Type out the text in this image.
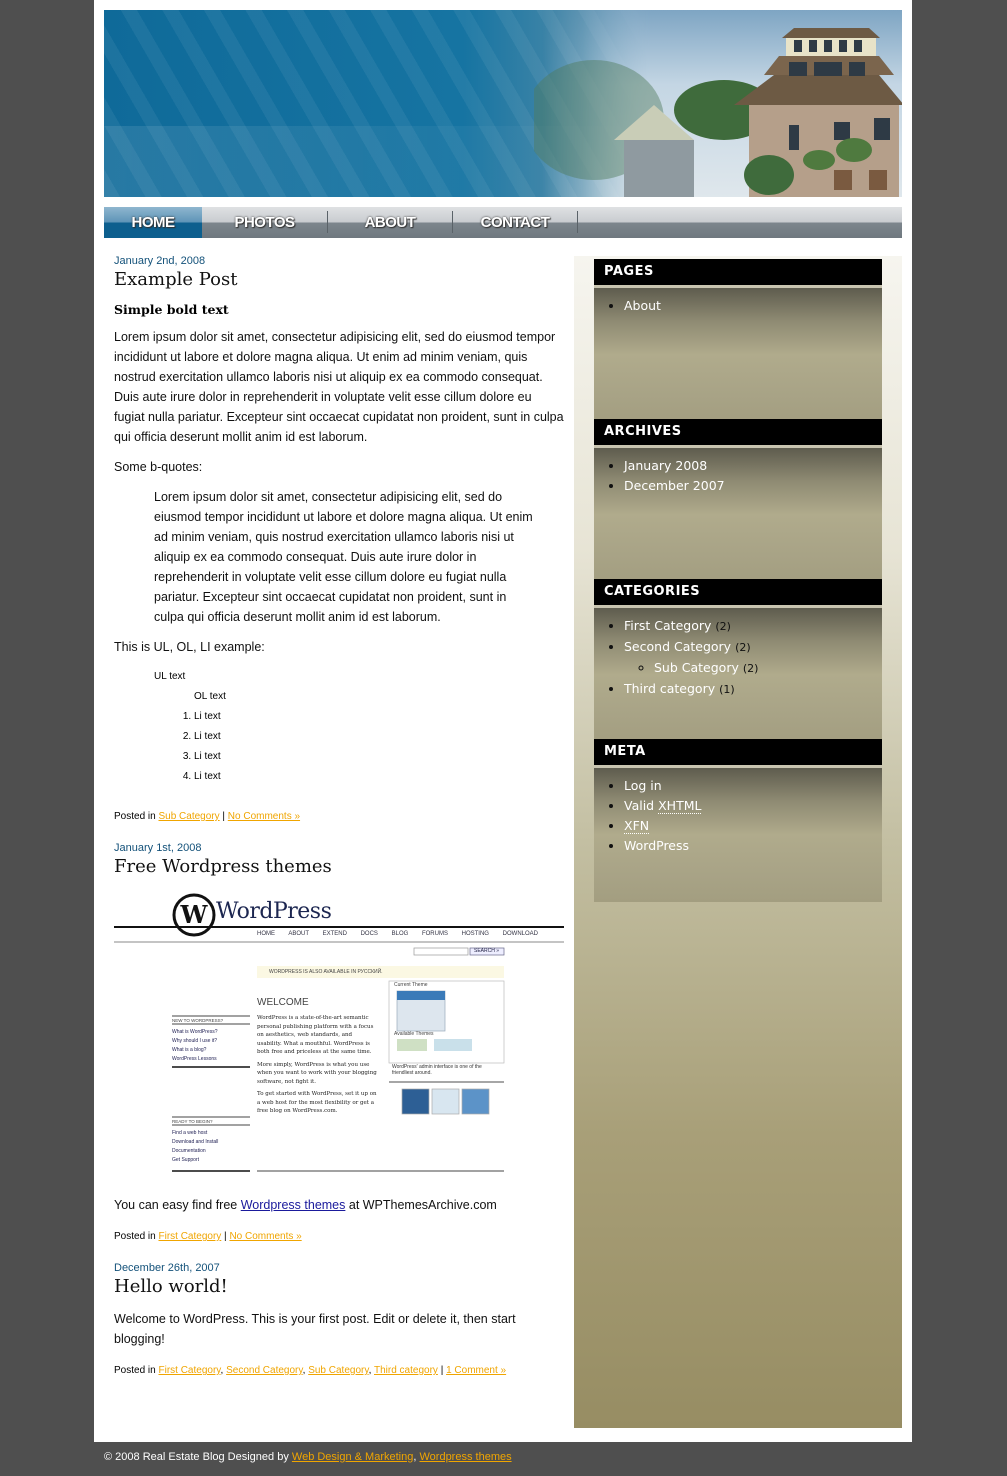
HOME	PHOTOS	ABOUT	CONTACT
January 2nd, 2008
Example Post
Simple bold text
Lorem ipsum dolor sit amet, consectetur adipisicing elit, sed do eiusmod tempor incididunt ut labore et dolore magna aliqua. Ut enim ad minim veniam, quis nostrud exercitation ullamco laboris nisi ut aliquip ex ea commodo consequat. Duis aute irure dolor in reprehenderit in voluptate velit esse cillum dolore eu fugiat nulla pariatur. Excepteur sint occaecat cupidatat non proident, sunt in culpa qui officia deserunt mollit anim id est laborum.
Some b-quotes:
Lorem ipsum dolor sit amet, consectetur adipisicing elit, sed do eiusmod tempor incididunt ut labore et dolore magna aliqua. Ut enim ad minim veniam, quis nostrud exercitation ullamco laboris nisi ut aliquip ex ea commodo consequat. Duis aute irure dolor in reprehenderit in voluptate velit esse cillum dolore eu fugiat nulla pariatur. Excepteur sint occaecat cupidatat non proident, sunt in culpa qui officia deserunt mollit anim id est laborum.
This is UL, OL, LI example:
UL text
OL text
1. Li text
2. Li text
3. Li text
4. Li text
Posted in Sub Category | No Comments »
January 1st, 2008
Free Wordpress themes
W WordPress
HOME ABOUT EXTEND DOCS BLOG FORUMS HOSTING DOWNLOAD
SEARCH »
WORDPRESS IS ALSO AVAILABLE IN РУССКИЙ.
WELCOME
WordPress is a state-of-the-art semantic personal publishing platform with a focus on aesthetics, web standards, and usability. What a mouthful. WordPress is both free and priceless at the same time.
More simply, WordPress is what you use when you want to work with your blogging software, not fight it.
To get started with WordPress, set it up on a web host for the most flexibility or get a free blog on WordPress.com.
NEW TO WORDPRESS?
What is WordPress?
Why should I use it?
What is a blog?
WordPress Lessons
READY TO BEGIN?
Find a web host
Download and Install
Documentation
Get Support
Current Theme
Available Themes
WordPress' admin interface is one of the friendliest around.
You can easy find free Wordpress themes at WPThemesArchive.com
Posted in First Category | No Comments »
December 26th, 2007
Hello world!
Welcome to WordPress. This is your first post. Edit or delete it, then start blogging!
Posted in First Category, Second Category, Sub Category, Third category | 1 Comment »
PAGES
• About
ARCHIVES
• January 2008
• December 2007
CATEGORIES
• First Category (2)
• Second Category (2)
◦ Sub Category (2)
• Third category (1)
META
• Log in
• Valid XHTML
• XFN
• WordPress
© 2008 Real Estate Blog Designed by Web Design & Marketing, Wordpress themes
